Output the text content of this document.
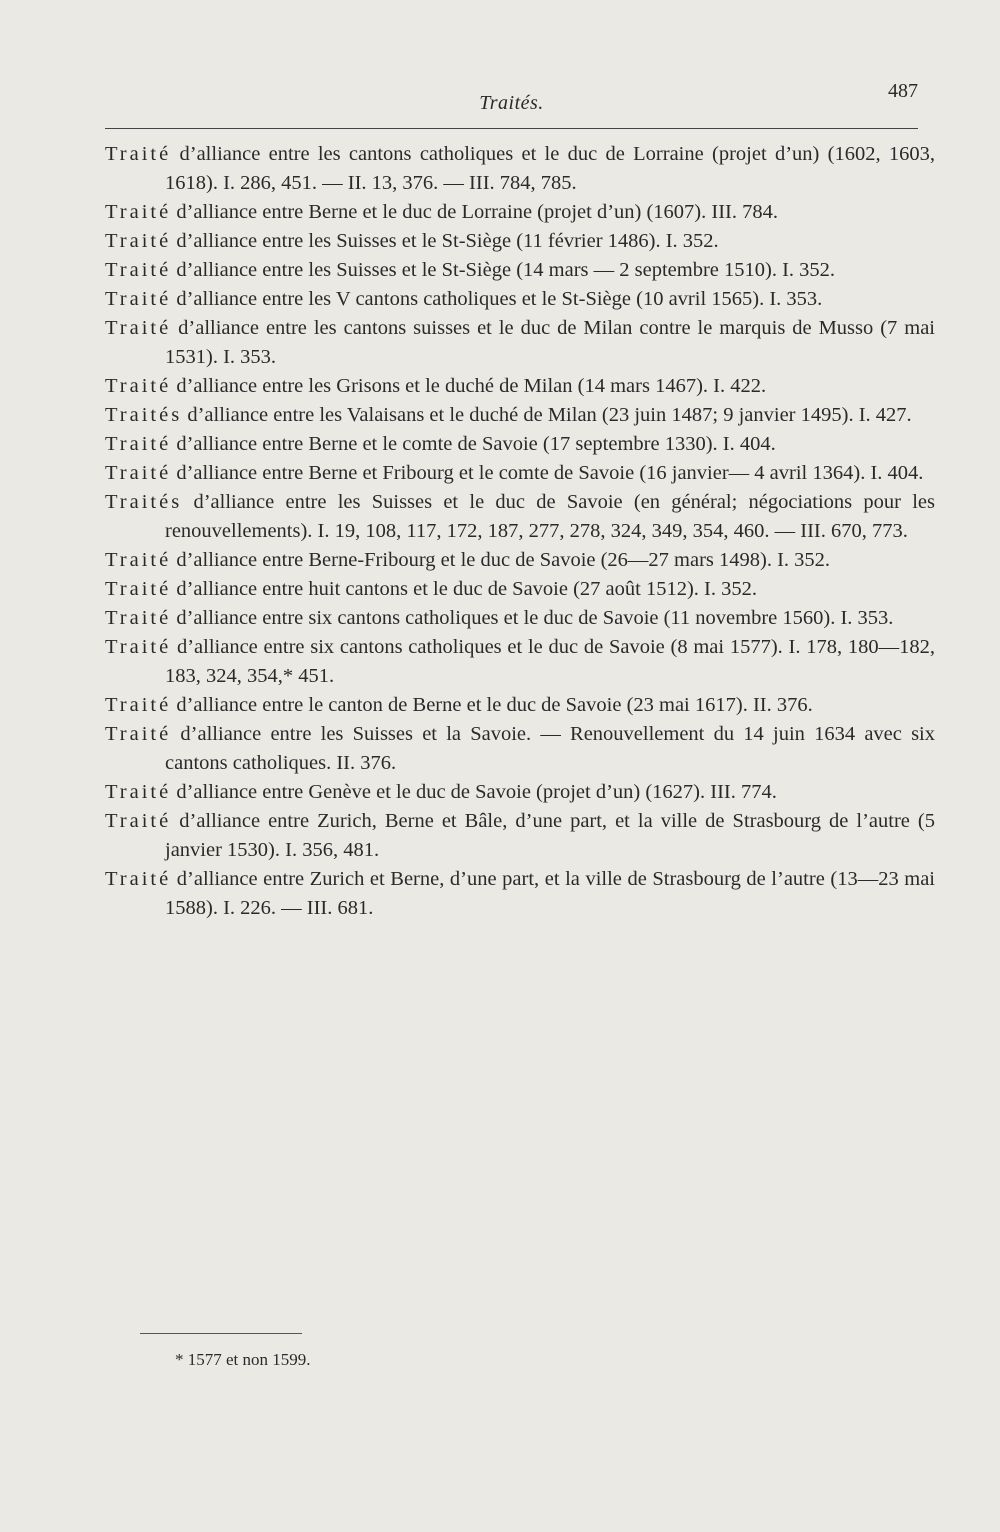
Traités.
487
Traité d’alliance entre les cantons catholiques et le duc de Lorraine (projet d’un) (1602, 1603, 1618). I. 286, 451. — II. 13, 376. — III. 784, 785.
Traité d’alliance entre Berne et le duc de Lorraine (projet d’un) (1607). III. 784.
Traité d’alliance entre les Suisses et le St-Siège (11 février 1486). I. 352.
Traité d’alliance entre les Suisses et le St-Siège (14 mars — 2 septembre 1510). I. 352.
Traité d’alliance entre les V cantons catholiques et le St-Siège (10 avril 1565). I. 353.
Traité d’alliance entre les cantons suisses et le duc de Milan contre le marquis de Musso (7 mai 1531). I. 353.
Traité d’alliance entre les Grisons et le duché de Milan (14 mars 1467). I. 422.
Traités d’alliance entre les Valaisans et le duché de Milan (23 juin 1487; 9 janvier 1495). I. 427.
Traité d’alliance entre Berne et le comte de Savoie (17 septembre 1330). I. 404.
Traité d’alliance entre Berne et Fribourg et le comte de Savoie (16 janvier— 4 avril 1364). I. 404.
Traités d’alliance entre les Suisses et le duc de Savoie (en général; négociations pour les renouvellements). I. 19, 108, 117, 172, 187, 277, 278, 324, 349, 354, 460. — III. 670, 773.
Traité d’alliance entre Berne-Fribourg et le duc de Savoie (26—27 mars 1498). I. 352.
Traité d’alliance entre huit cantons et le duc de Savoie (27 août 1512). I. 352.
Traité d’alliance entre six cantons catholiques et le duc de Savoie (11 novembre 1560). I. 353.
Traité d’alliance entre six cantons catholiques et le duc de Savoie (8 mai 1577). I. 178, 180—182, 183, 324, 354,* 451.
Traité d’alliance entre le canton de Berne et le duc de Savoie (23 mai 1617). II. 376.
Traité d’alliance entre les Suisses et la Savoie. — Renouvellement du 14 juin 1634 avec six cantons catholiques. II. 376.
Traité d’alliance entre Genève et le duc de Savoie (projet d’un) (1627). III. 774.
Traité d’alliance entre Zurich, Berne et Bâle, d’une part, et la ville de Strasbourg de l’autre (5 janvier 1530). I. 356, 481.
Traité d’alliance entre Zurich et Berne, d’une part, et la ville de Strasbourg de l’autre (13—23 mai 1588). I. 226. — III. 681.
* 1577 et non 1599.
